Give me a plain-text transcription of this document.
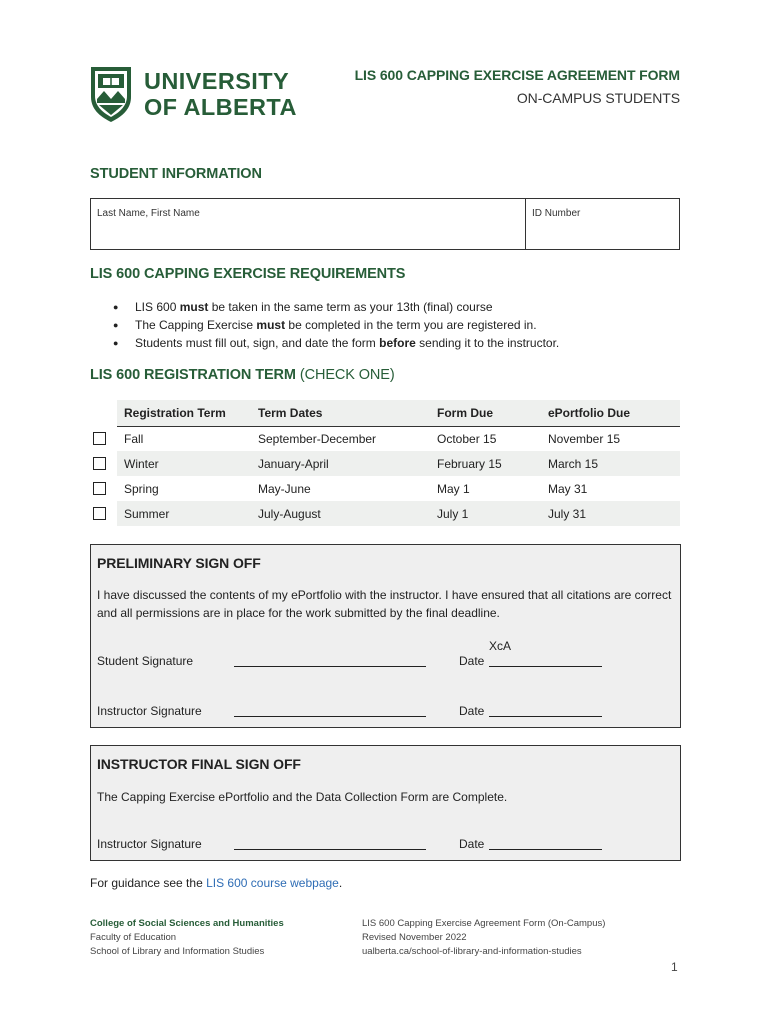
UNIVERSITY
OF ALBERTA
LIS 600 CAPPING EXERCISE AGREEMENT FORM
ON-CAMPUS STUDENTS
STUDENT INFORMATION
Last Name, First Name	ID Number
LIS 600 CAPPING EXERCISE REQUIREMENTS
● LIS 600 must be taken in the same term as your 13th (final) course
● The Capping Exercise must be completed in the term you are registered in.
● Students must fill out, sign, and date the form before sending it to the instructor.
LIS 600 REGISTRATION TERM (CHECK ONE)
Registration Term	Term Dates	Form Due	ePortfolio Due
Fall	September-December	October 15	November 15
Winter	January-April	February 15	March 15
Spring	May-June	May 1	May 31
Summer	July-August	July 1	July 31
PRELIMINARY SIGN OFF
I have discussed the contents of my ePortfolio with the instructor. I have ensured that all citations are correct and all permissions are in place for the work submitted by the final deadline.
XcA
Student Signature	Date
Instructor Signature	Date
INSTRUCTOR FINAL SIGN OFF
The Capping Exercise ePortfolio and the Data Collection Form are Complete.
Instructor Signature	Date
For guidance see the LIS 600 course webpage.
College of Social Sciences and Humanities
Faculty of Education
School of Library and Information Studies
LIS 600 Capping Exercise Agreement Form (On-Campus)
Revised November 2022
ualberta.ca/school-of-library-and-information-studies
1
